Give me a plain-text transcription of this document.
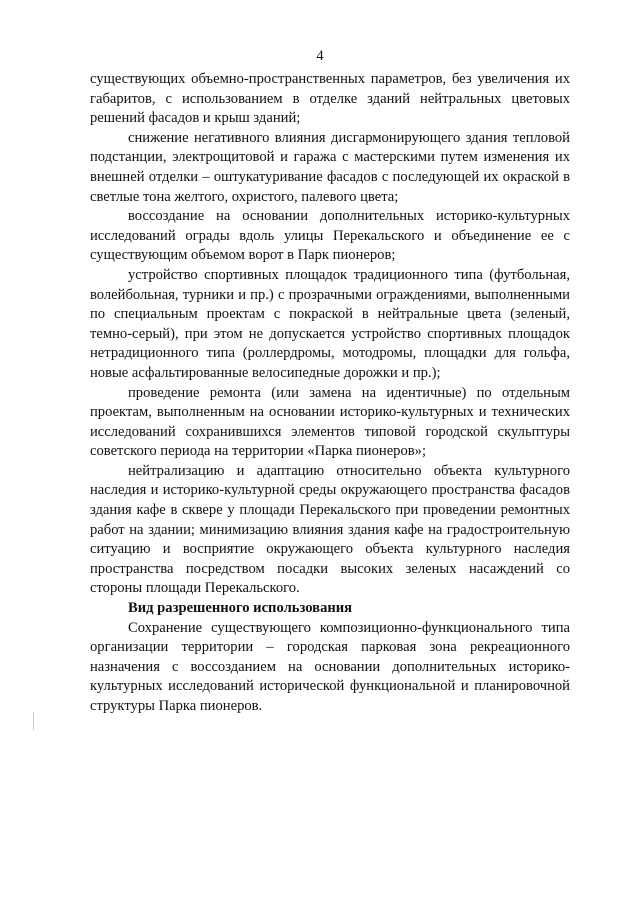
4

существующих объемно-пространственных параметров, без увеличения их габаритов, с использованием в отделке зданий нейтральных цветовых решений фасадов и крыш зданий;

снижение негативного влияния дисгармонирующего здания тепловой подстанции, электрощитовой и гаража с мастерскими путем изменения их внешней отделки – оштукатуривание фасадов с последующей их окраской в светлые тона желтого, охристого, палевого цвета;

воссоздание на основании дополнительных историко-культурных исследований ограды вдоль улицы Перекальского и объединение ее с существующим объемом ворот в Парк пионеров;

устройство спортивных площадок традиционного типа (футбольная, волейбольная, турники и пр.) с прозрачными ограждениями, выполненными по специальным проектам с покраской в нейтральные цвета (зеленый, темно-серый), при этом не допускается устройство спортивных площадок нетрадиционного типа (роллердромы, мотодромы, площадки для гольфа, новые асфальтированные велосипедные дорожки и пр.);

проведение ремонта (или замена на идентичные) по отдельным проектам, выполненным на основании историко-культурных и технических исследований сохранившихся элементов типовой городской скульптуры советского периода на территории «Парка пионеров»;

нейтрализацию и адаптацию относительно объекта культурного наследия и историко-культурной среды окружающего пространства фасадов здания кафе в сквере у площади Перекальского при проведении ремонтных работ на здании; минимизацию влияния здания кафе на градостроительную ситуацию и восприятие окружающего объекта культурного наследия пространства посредством посадки высоких зеленых насаждений со стороны площади Перекальского.

Вид разрешенного использования

Сохранение существующего композиционно-функционального типа организации территории – городская парковая зона рекреационного назначения с воссозданием на основании дополнительных историко-культурных исследований исторической функциональной и планировочной структуры Парка пионеров.
